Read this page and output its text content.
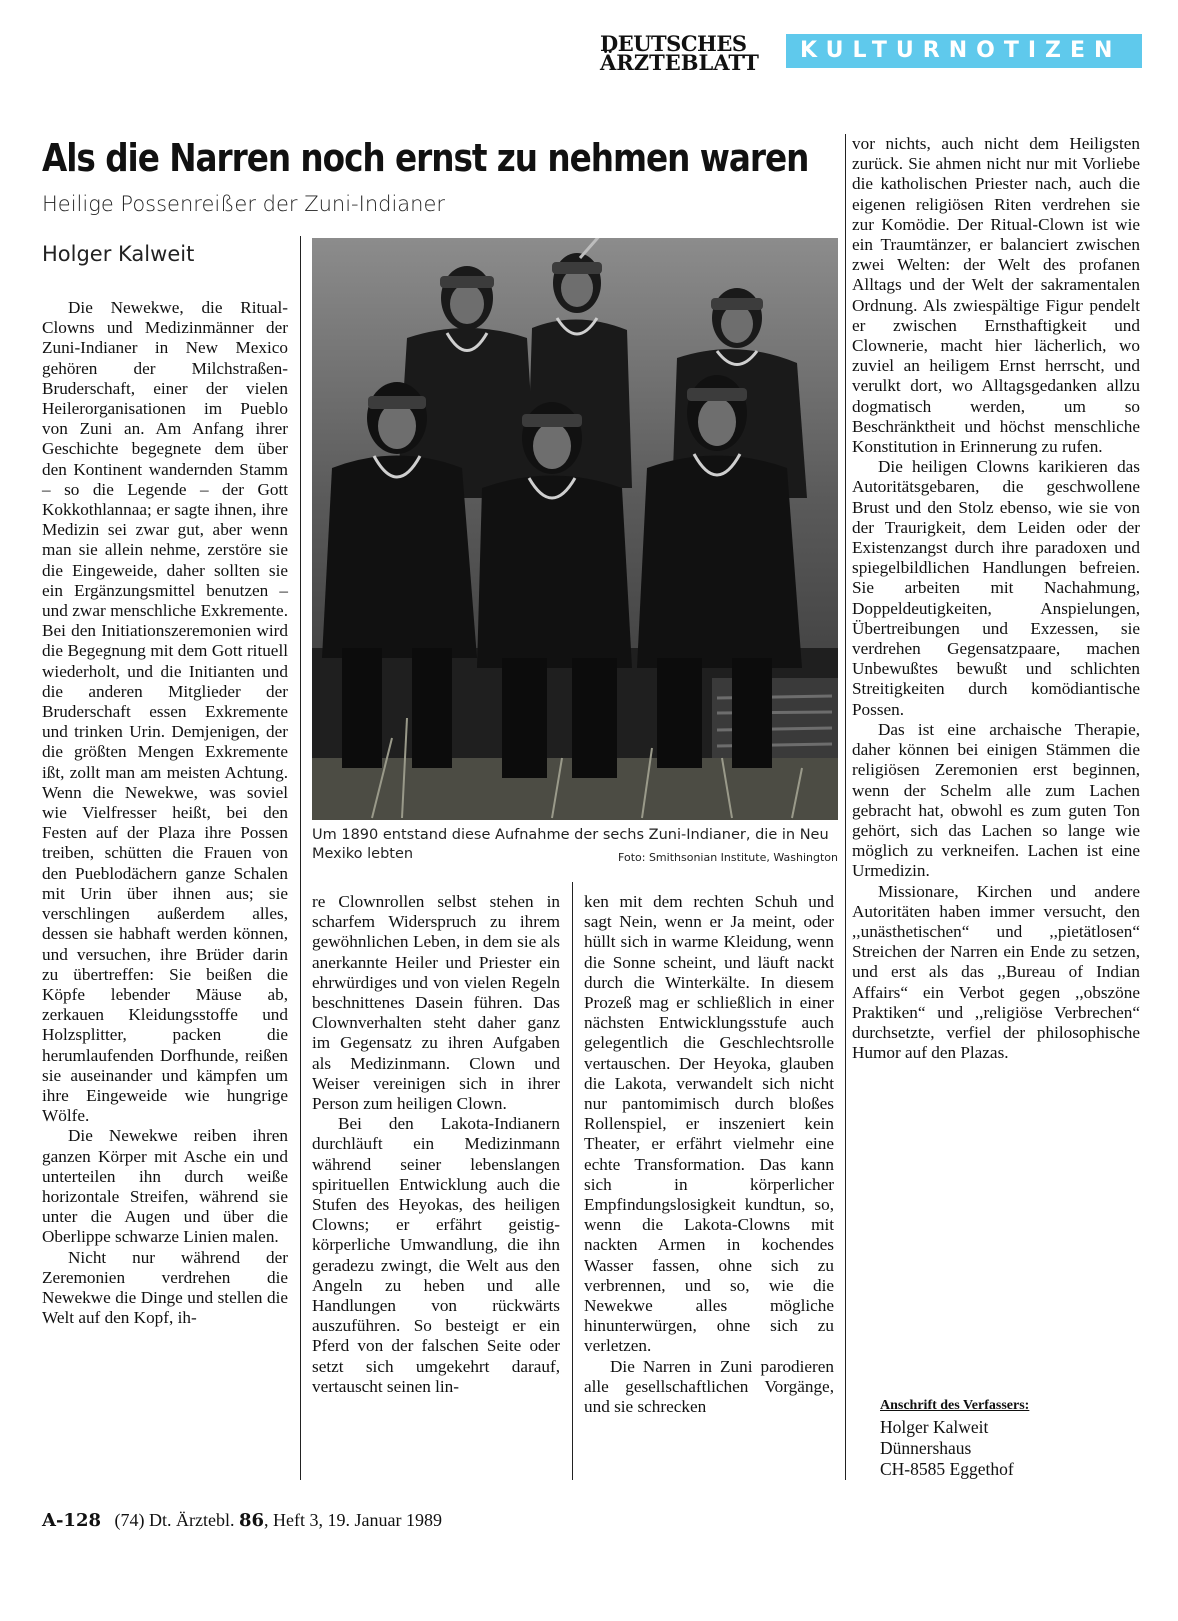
DEUTSCHES
ÄRZTEBLATT	KULTURNOTIZEN
Als die Narren noch ernst zu nehmen waren
Heilige Possenreißer der Zuni-Indianer
Holger Kalweit

Die Newekwe, die Ritual-Clowns und Medizinmänner der Zuni-Indianer in New Mexico gehören der Milchstraßen-Bruderschaft, einer der vielen Heilerorganisationen im Pueblo von Zuni an. Am Anfang ihrer Geschichte begegnete dem über den Kontinent wandernden Stamm – so die Legende – der Gott Kokkothlannaa; er sagte ihnen, ihre Medizin sei zwar gut, aber wenn man sie allein nehme, zerstöre sie die Eingeweide, daher sollten sie ein Ergänzungsmittel benutzen – und zwar menschliche Exkremente. Bei den Initiationszeremonien wird die Begegnung mit dem Gott rituell wiederholt, und die Initianten und die anderen Mitglieder der Bruderschaft essen Exkremente und trinken Urin. Demjenigen, der die größten Mengen Exkremente ißt, zollt man am meisten Achtung. Wenn die Newekwe, was soviel wie Vielfresser heißt, bei den Festen auf der Plaza ihre Possen treiben, schütten die Frauen von den Pueblodächern ganze Schalen mit Urin über ihnen aus; sie verschlingen außerdem alles, dessen sie habhaft werden können, und versuchen, ihre Brüder darin zu übertreffen: Sie beißen die Köpfe lebender Mäuse ab, zerkauen Kleidungsstoffe und Holzsplitter, packen die herumlaufenden Dorfhunde, reißen sie auseinander und kämpfen um ihre Eingeweide wie hungrige Wölfe.

Die Newekwe reiben ihren ganzen Körper mit Asche ein und unterteilen ihn durch weiße horizontale Streifen, während sie unter die Augen und über die Oberlippe schwarze Linien malen.

Nicht nur während der Zeremonien verdrehen die Newekwe die Dinge und stellen die Welt auf den Kopf, ih-

Um 1890 entstand diese Aufnahme der sechs Zuni-Indianer, die in Neu Mexiko lebten	Foto: Smithsonian Institute, Washington

re Clownrollen selbst stehen in scharfem Widerspruch zu ihrem gewöhnlichen Leben, in dem sie als anerkannte Heiler und Priester ein ehrwürdiges und von vielen Regeln beschnittenes Dasein führen. Das Clownverhalten steht daher ganz im Gegensatz zu ihren Aufgaben als Medizinmann. Clown und Weiser vereinigen sich in ihrer Person zum heiligen Clown.

Bei den Lakota-Indianern durchläuft ein Medizinmann während seiner lebenslangen spirituellen Entwicklung auch die Stufen des Heyokas, des heiligen Clowns; er erfährt geistig-körperliche Umwandlung, die ihn geradezu zwingt, die Welt aus den Angeln zu heben und alle Handlungen von rückwärts auszuführen. So besteigt er ein Pferd von der falschen Seite oder setzt sich umgekehrt darauf, vertauscht seinen lin-

ken mit dem rechten Schuh und sagt Nein, wenn er Ja meint, oder hüllt sich in warme Kleidung, wenn die Sonne scheint, und läuft nackt durch die Winterkälte. In diesem Prozeß mag er schließlich in einer nächsten Entwicklungsstufe auch gelegentlich die Geschlechtsrolle vertauschen. Der Heyoka, glauben die Lakota, verwandelt sich nicht nur pantomimisch durch bloßes Rollenspiel, er inszeniert kein Theater, er erfährt vielmehr eine echte Transformation. Das kann sich in körperlicher Empfindungslosigkeit kundtun, so, wenn die Lakota-Clowns mit nackten Armen in kochendes Wasser fassen, ohne sich zu verbrennen, und so, wie die Newekwe alles mögliche hinunterwürgen, ohne sich zu verletzen.

Die Narren in Zuni parodieren alle gesellschaftlichen Vorgänge, und sie schrecken

vor nichts, auch nicht dem Heiligsten zurück. Sie ahmen nicht nur mit Vorliebe die katholischen Priester nach, auch die eigenen religiösen Riten verdrehen sie zur Komödie. Der Ritual-Clown ist wie ein Traumtänzer, er balanciert zwischen zwei Welten: der Welt des profanen Alltags und der Welt der sakramentalen Ordnung. Als zwiespältige Figur pendelt er zwischen Ernsthaftigkeit und Clownerie, macht hier lächerlich, wo zuviel an heiligem Ernst herrscht, und verulkt dort, wo Alltagsgedanken allzu dogmatisch werden, um so Beschränktheit und höchst menschliche Konstitution in Erinnerung zu rufen.

Die heiligen Clowns karikieren das Autoritätsgebaren, die geschwollene Brust und den Stolz ebenso, wie sie von der Traurigkeit, dem Leiden oder der Existenzangst durch ihre paradoxen und spiegelbildlichen Handlungen befreien. Sie arbeiten mit Nachahmung, Doppeldeutigkeiten, Anspielungen, Übertreibungen und Exzessen, sie verdrehen Gegensatzpaare, machen Unbewußtes bewußt und schlichten Streitigkeiten durch komödiantische Possen.

Das ist eine archaische Therapie, daher können bei einigen Stämmen die religiösen Zeremonien erst beginnen, wenn der Schelm alle zum Lachen gebracht hat, obwohl es zum guten Ton gehört, sich das Lachen so lange wie möglich zu verkneifen. Lachen ist eine Urmedizin.

Missionare, Kirchen und andere Autoritäten haben immer versucht, den ,,unästhetischen“ und ,,pietätlosen“ Streichen der Narren ein Ende zu setzen, und erst als das ,,Bureau of Indian Affairs“ ein Verbot gegen ,,obszöne Praktiken“ und ,,religiöse Verbrechen“ durchsetzte, verfiel der philosophische Humor auf den Plazas.

Anschrift des Verfassers:
Holger Kalweit
Dünnershaus
CH-8585 Eggethof
A-128 (74) Dt. Ärztebl. 86, Heft 3, 19. Januar 1989
